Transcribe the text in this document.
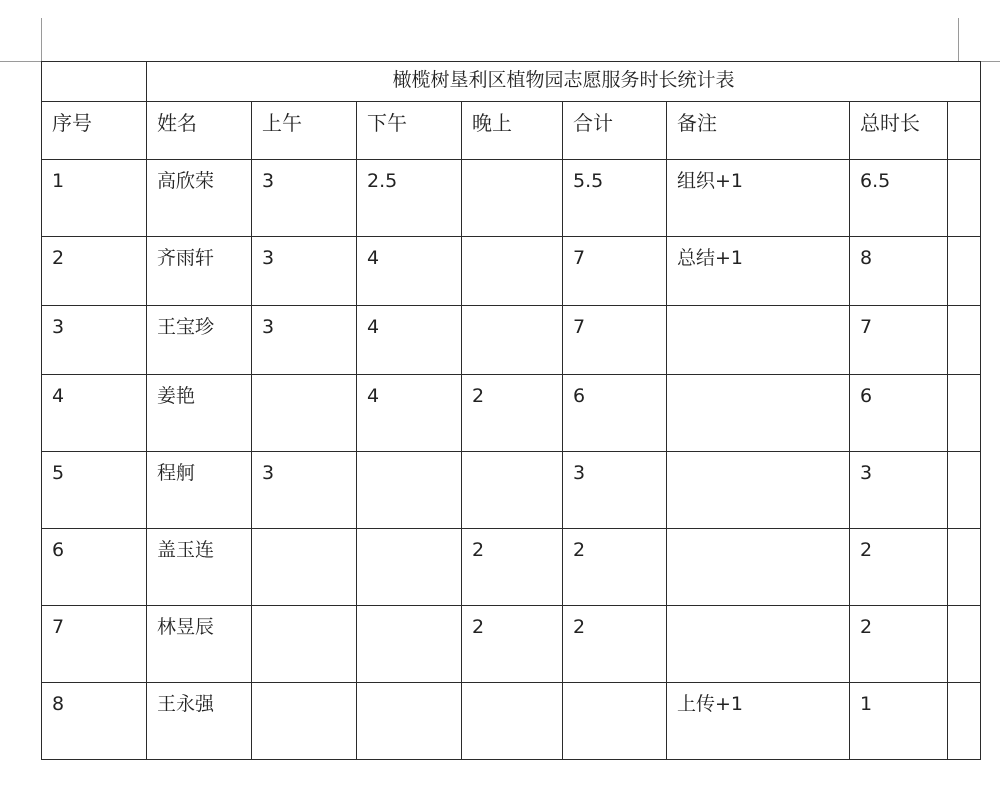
	橄榄树垦利区植物园志愿服务时长统计表							
序号	姓名	上午	下午	晚上	合计	备注	总时长	
1	高欣荣	3	2.5		5.5	组织+1	6.5	
2	齐雨轩	3	4		7	总结+1	8	
3	王宝珍	3	4		7		7	
4	姜艳		4	2	6		6	
5	程舸	3			3		3	
6	盖玉连			2	2		2	
7	林昱辰			2	2		2	
8	王永强					上传+1	1	
